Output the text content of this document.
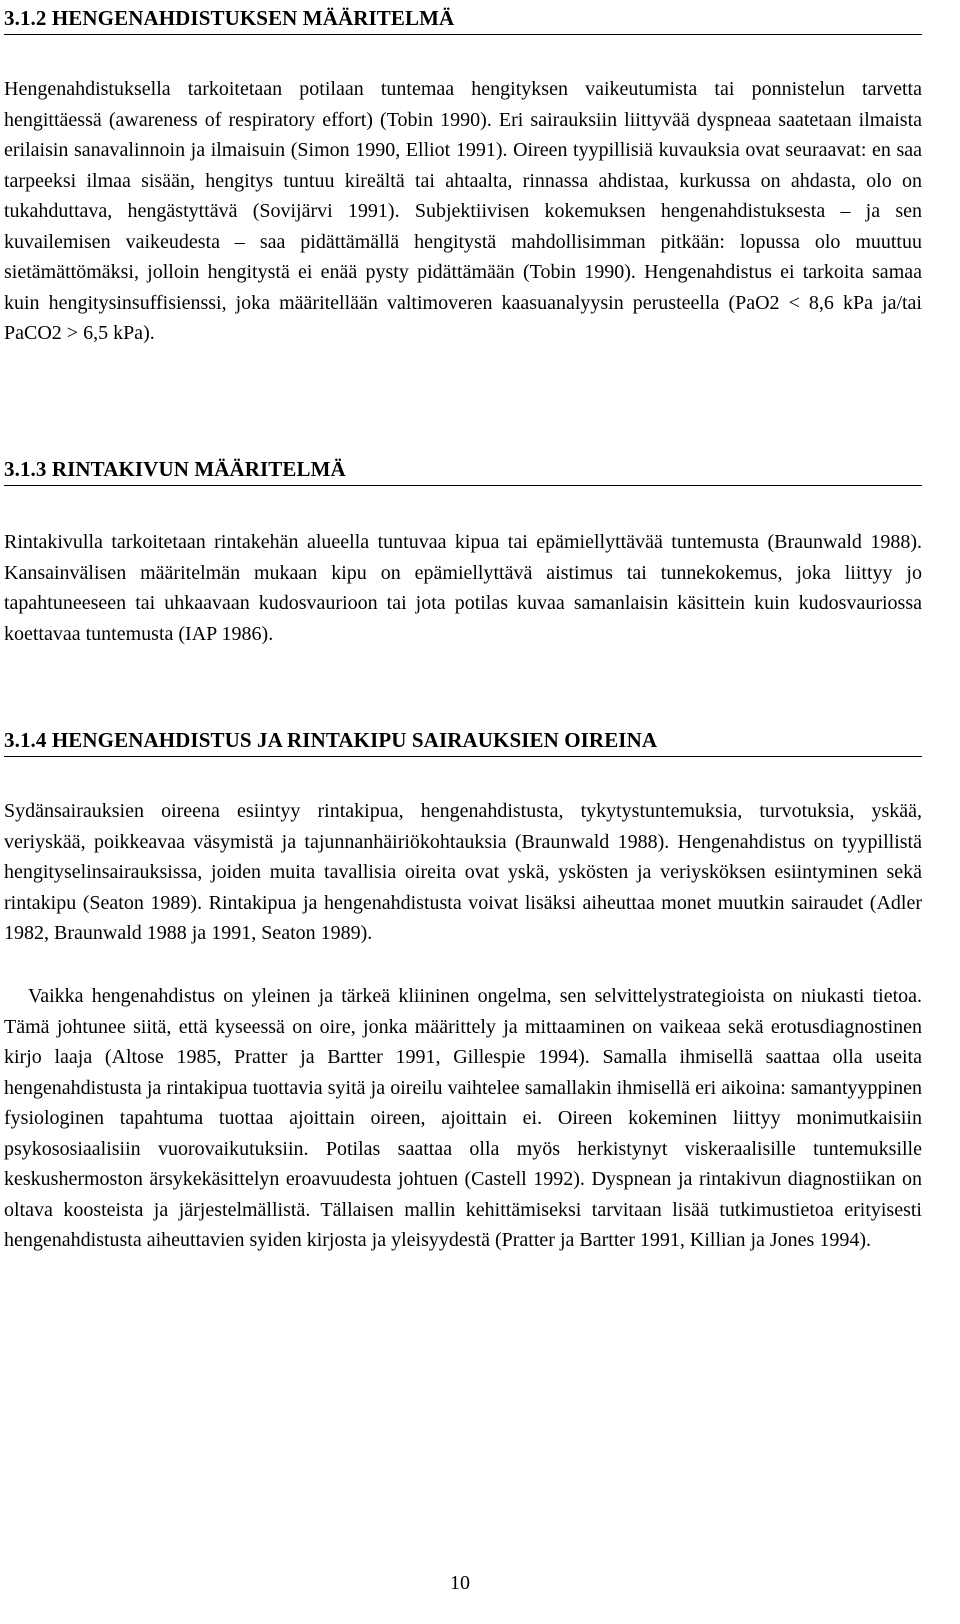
3.1.2 HENGENAHDISTUKSEN MÄÄRITELMÄ

Hengenahdistuksella tarkoitetaan potilaan tuntemaa hengityksen vaikeutumista tai ponnistelun tarvetta hengittäessä (awareness of respiratory effort) (Tobin 1990). Eri sairauksiin liittyvää dyspneaa saatetaan ilmaista erilaisin sanavalinnoin ja ilmaisuin (Simon 1990, Elliot 1991). Oireen tyypillisiä kuvauksia ovat seuraavat: en saa tarpeeksi ilmaa sisään, hengitys tuntuu kireältä tai ahtaalta, rinnassa ahdistaa, kurkussa on ahdasta, olo on tukahduttava, hengästyttävä (Sovijärvi 1991). Subjektiivisen kokemuksen hengenahdistuksesta – ja sen kuvailemisen vaikeudesta – saa pidättämällä hengitystä mahdollisimman pitkään: lopussa olo muuttuu sietämättömäksi, jolloin hengitystä ei enää pysty pidättämään (Tobin 1990). Hengenahdistus ei tarkoita samaa kuin hengitysinsuffisienssi, joka määritellään valtimoveren kaasuanalyysin perusteella (PaO2 < 8,6 kPa ja/tai PaCO2 > 6,5 kPa).

3.1.3 RINTAKIVUN MÄÄRITELMÄ

Rintakivulla tarkoitetaan rintakehän alueella tuntuvaa kipua tai epämiellyttävää tuntemusta (Braunwald 1988). Kansainvälisen määritelmän mukaan kipu on epämiellyttävä aistimus tai tunnekokemus, joka liittyy jo tapahtuneeseen tai uhkaavaan kudosvaurioon tai jota potilas kuvaa samanlaisin käsittein kuin kudosvauriossa koettavaa tuntemusta (IAP 1986).

3.1.4 HENGENAHDISTUS JA RINTAKIPU SAIRAUKSIEN OIREINA

Sydänsairauksien oireena esiintyy rintakipua, hengenahdistusta, tykytystuntemuksia, turvotuksia, yskää, veriyskää, poikkeavaa väsymistä ja tajunnanhäiriökohtauksia (Braunwald 1988). Hengenahdistus on tyypillistä hengityselinsairauksissa, joiden muita tavallisia oireita ovat yskä, yskösten ja veriysköksen esiintyminen sekä rintakipu (Seaton 1989). Rintakipua ja hengenahdistusta voivat lisäksi aiheuttaa monet muutkin sairaudet (Adler 1982, Braunwald 1988 ja 1991, Seaton 1989).

Vaikka hengenahdistus on yleinen ja tärkeä kliininen ongelma, sen selvittelystrategioista on niukasti tietoa. Tämä johtunee siitä, että kyseessä on oire, jonka määrittely ja mittaaminen on vaikeaa sekä erotusdiagnostinen kirjo laaja (Altose 1985, Pratter ja Bartter 1991, Gillespie 1994). Samalla ihmisellä saattaa olla useita hengenahdistusta ja rintakipua tuottavia syitä ja oireilu vaihtelee samallakin ihmisellä eri aikoina: samantyyppinen fysiologinen tapahtuma tuottaa ajoittain oireen, ajoittain ei. Oireen kokeminen liittyy monimutkaisiin psykososiaalisiin vuorovaikutuksiin. Potilas saattaa olla myös herkistynyt viskeraalisille tuntemuksille keskushermoston ärsykekäsittelyn eroavuudesta johtuen (Castell 1992). Dyspnean ja rintakivun diagnostiikan on oltava koosteista ja järjestelmällistä. Tällaisen mallin kehittämiseksi tarvitaan lisää tutkimustietoa erityisesti hengenahdistusta aiheuttavien syiden kirjosta ja yleisyydestä (Pratter ja Bartter 1991, Killian ja Jones 1994).

10
